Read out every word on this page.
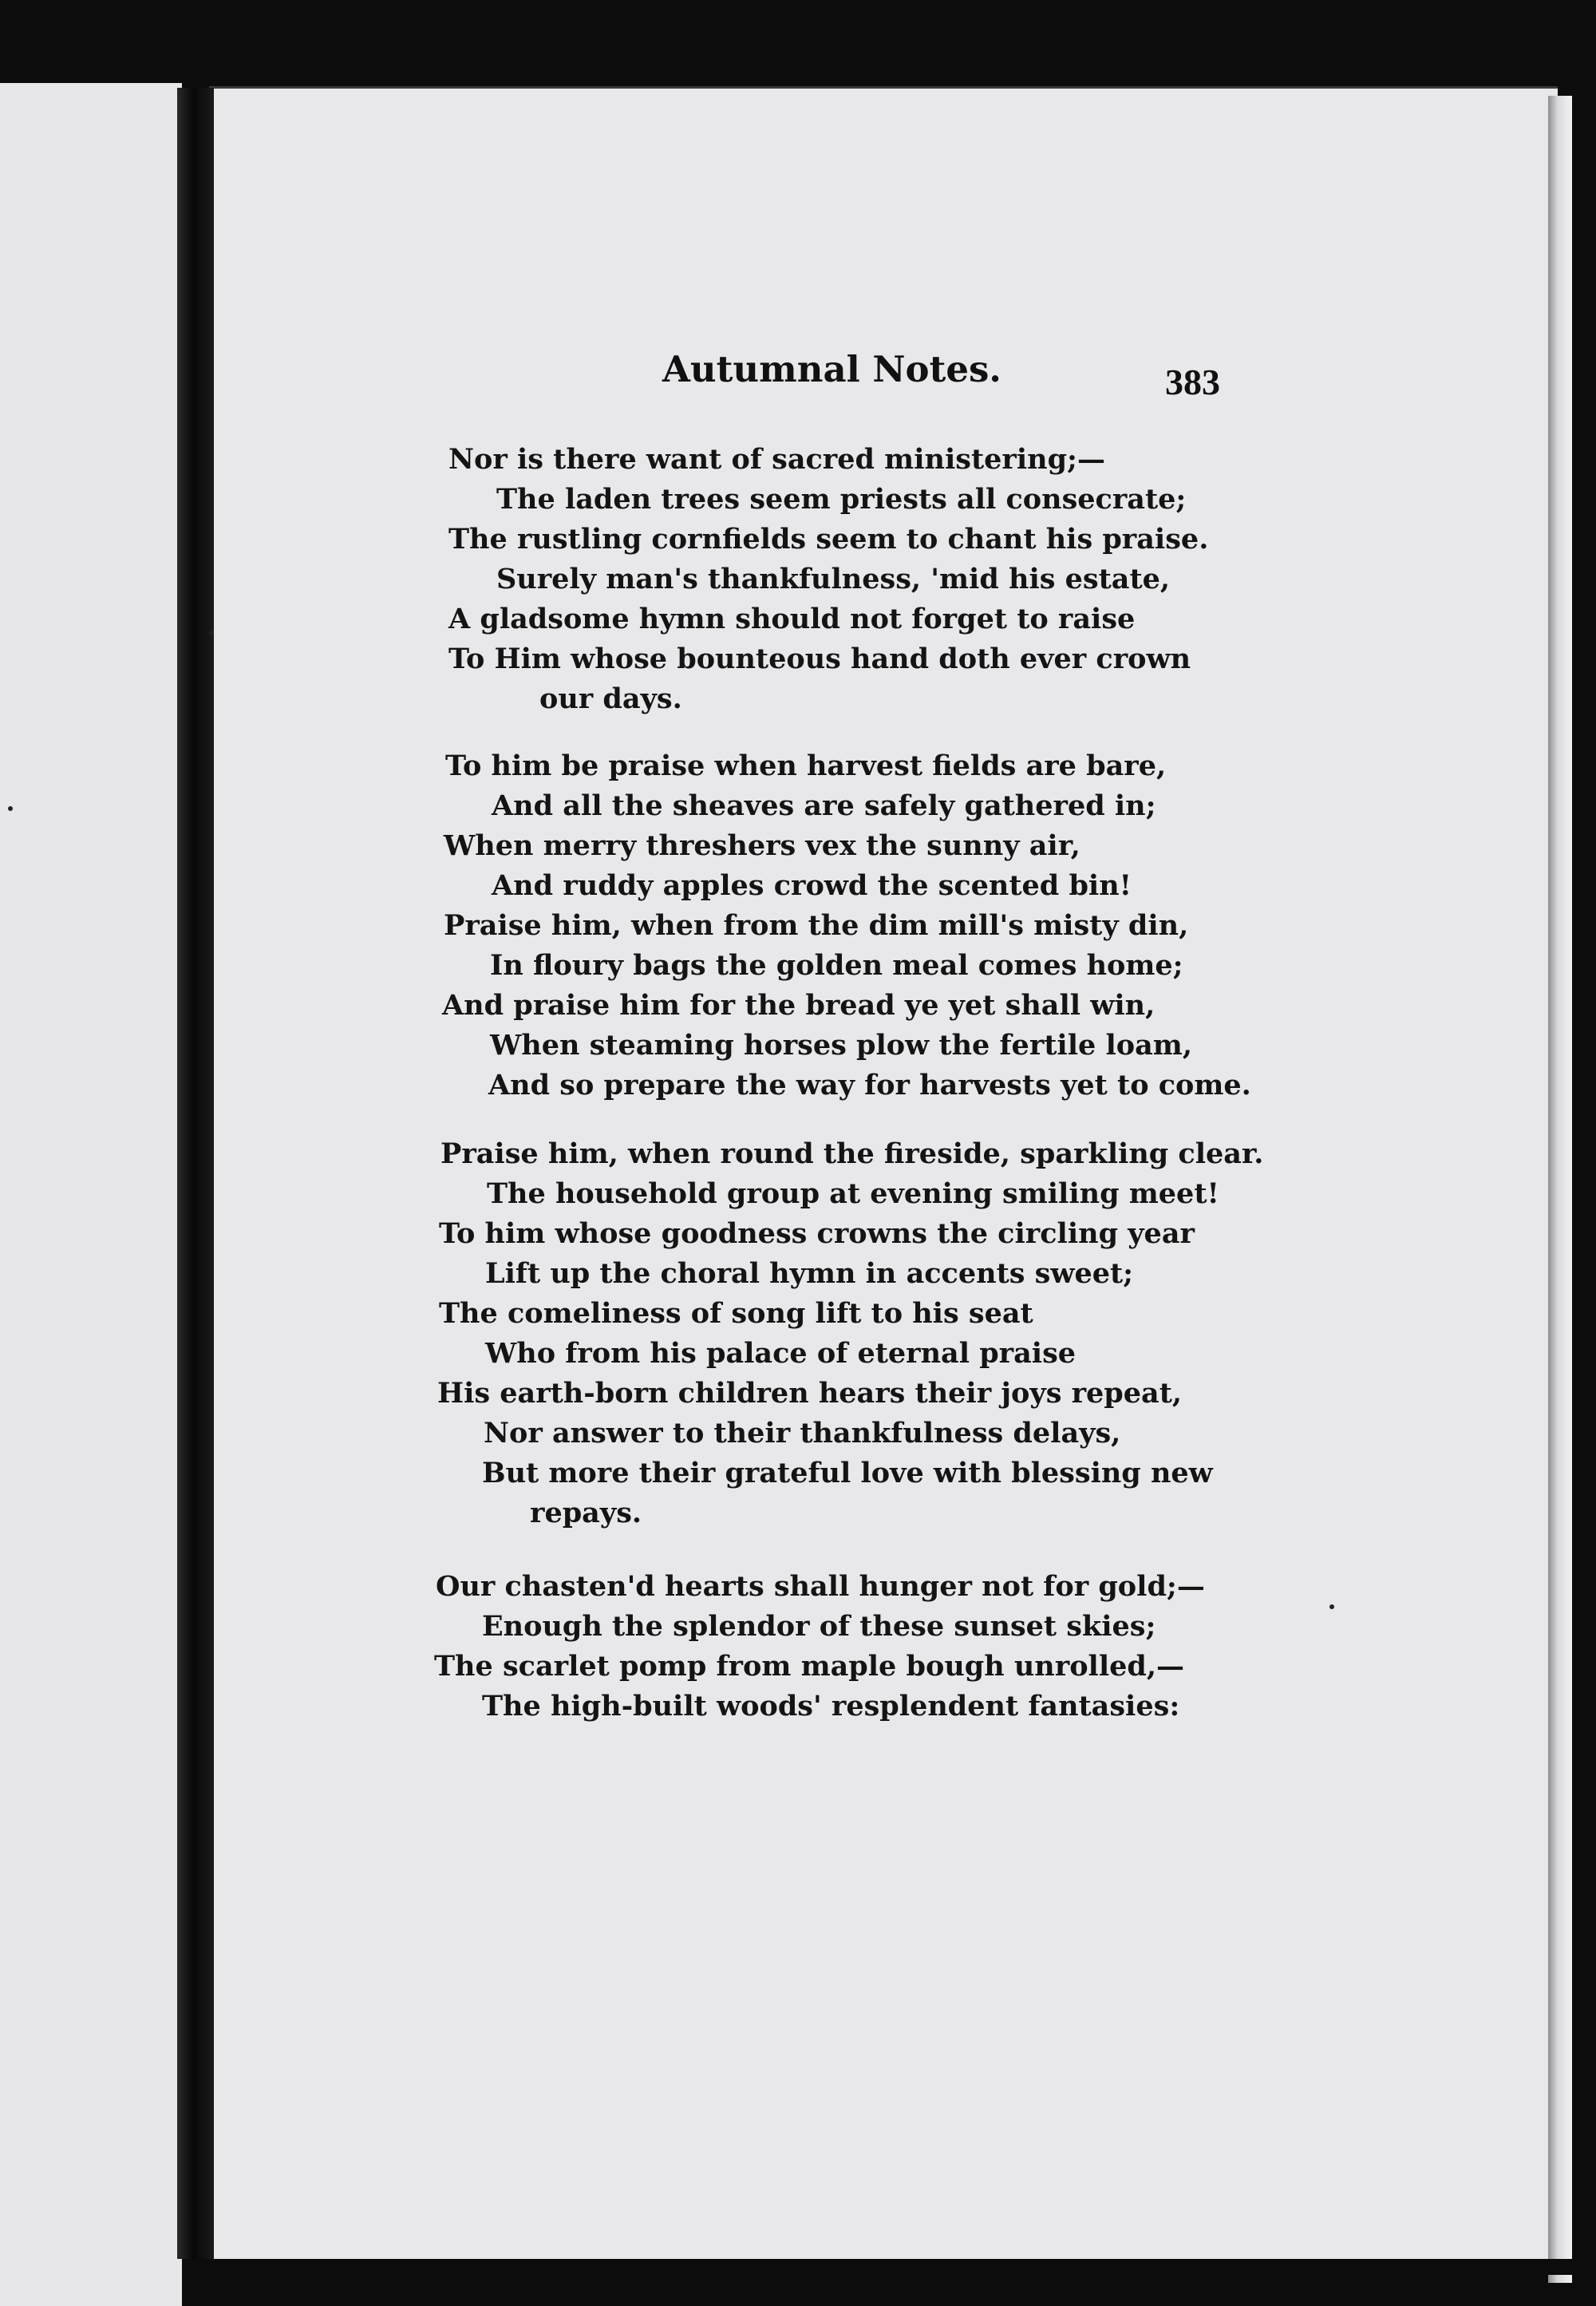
Autumnal Notes.	383
Nor is there want of sacred ministering;—
The laden trees seem priests all consecrate;
The rustling cornfields seem to chant his praise.
Surely man's thankfulness, 'mid his estate,
A gladsome hymn should not forget to raise
To Him whose bounteous hand doth ever crown
our days.
To him be praise when harvest fields are bare,
And all the sheaves are safely gathered in;
When merry threshers vex the sunny air,
And ruddy apples crowd the scented bin!
Praise him, when from the dim mill's misty din,
In floury bags the golden meal comes home;
And praise him for the bread ye yet shall win,
When steaming horses plow the fertile loam,
And so prepare the way for harvests yet to come.
Praise him, when round the fireside, sparkling clear.
The household group at evening smiling meet!
To him whose goodness crowns the circling year
Lift up the choral hymn in accents sweet;
The comeliness of song lift to his seat
Who from his palace of eternal praise
His earth-born children hears their joys repeat,
Nor answer to their thankfulness delays,
But more their grateful love with blessing new
repays.
Our chasten'd hearts shall hunger not for gold;—
Enough the splendor of these sunset skies;
The scarlet pomp from maple bough unrolled,—
The high-built woods' resplendent fantasies:
